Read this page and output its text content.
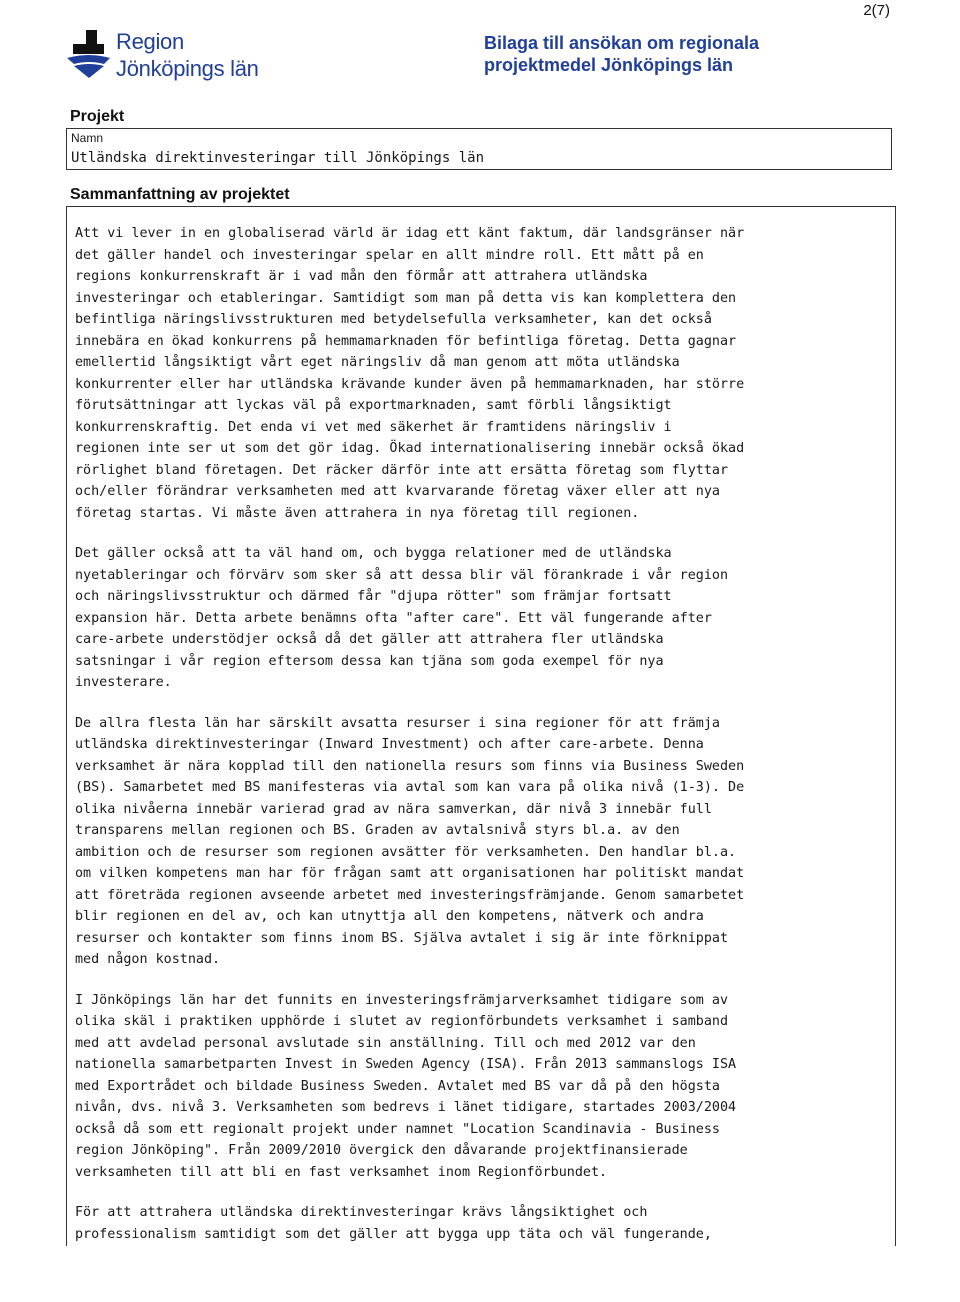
2(7)
Region
Jönköpings län
Bilaga till ansökan om regionala
projektmedel Jönköpings län
Projekt
Namn
Utländska direktinvesteringar till Jönköpings län
Sammanfattning av projektet

Att vi lever in en globaliserad värld är idag ett känt faktum, där landsgränser när
det gäller handel och investeringar spelar en allt mindre roll. Ett mått på en
regions konkurrenskraft är i vad mån den förmår att attrahera utländska
investeringar och etableringar. Samtidigt som man på detta vis kan komplettera den
befintliga näringslivsstrukturen med betydelsefulla verksamheter, kan det också
innebära en ökad konkurrens på hemmamarknaden för befintliga företag. Detta gagnar
emellertid långsiktigt vårt eget näringsliv då man genom att möta utländska
konkurrenter eller har utländska krävande kunder även på hemmamarknaden, har större
förutsättningar att lyckas väl på exportmarknaden, samt förbli långsiktigt
konkurrenskraftig. Det enda vi vet med säkerhet är framtidens näringsliv i
regionen inte ser ut som det gör idag. Ökad internationalisering innebär också ökad
rörlighet bland företagen. Det räcker därför inte att ersätta företag som flyttar
och/eller förändrar verksamheten med att kvarvarande företag växer eller att nya
företag startas. Vi måste även attrahera in nya företag till regionen.

Det gäller också att ta väl hand om, och bygga relationer med de utländska
nyetableringar och förvärv som sker så att dessa blir väl förankrade i vår region
och näringslivsstruktur och därmed får "djupa rötter" som främjar fortsatt
expansion här. Detta arbete benämns ofta "after care". Ett väl fungerande after
care-arbete understödjer också då det gäller att attrahera fler utländska
satsningar i vår region eftersom dessa kan tjäna som goda exempel för nya
investerare.

De allra flesta län har särskilt avsatta resurser i sina regioner för att främja
utländska direktinvesteringar (Inward Investment) och after care-arbete. Denna
verksamhet är nära kopplad till den nationella resurs som finns via Business Sweden
(BS). Samarbetet med BS manifesteras via avtal som kan vara på olika nivå (1-3). De
olika nivåerna innebär varierad grad av nära samverkan, där nivå 3 innebär full
transparens mellan regionen och BS. Graden av avtalsnivå styrs bl.a. av den
ambition och de resurser som regionen avsätter för verksamheten. Den handlar bl.a.
om vilken kompetens man har för frågan samt att organisationen har politiskt mandat
att företräda regionen avseende arbetet med investeringsfrämjande. Genom samarbetet
blir regionen en del av, och kan utnyttja all den kompetens, nätverk och andra
resurser och kontakter som finns inom BS. Själva avtalet i sig är inte förknippat
med någon kostnad.

I Jönköpings län har det funnits en investeringsfrämjarverksamhet tidigare som av
olika skäl i praktiken upphörde i slutet av regionförbundets verksamhet i samband
med att avdelad personal avslutade sin anställning. Till och med 2012 var den
nationella samarbetparten Invest in Sweden Agency (ISA). Från 2013 sammanslogs ISA
med Exportrådet och bildade Business Sweden. Avtalet med BS var då på den högsta
nivån, dvs. nivå 3. Verksamheten som bedrevs i länet tidigare, startades 2003/2004
också då som ett regionalt projekt under namnet "Location Scandinavia - Business
region Jönköping". Från 2009/2010 övergick den dåvarande projektfinansierade
verksamheten till att bli en fast verksamhet inom Regionförbundet.

För att attrahera utländska direktinvesteringar krävs långsiktighet och
professionalism samtidigt som det gäller att bygga upp täta och väl fungerande,
